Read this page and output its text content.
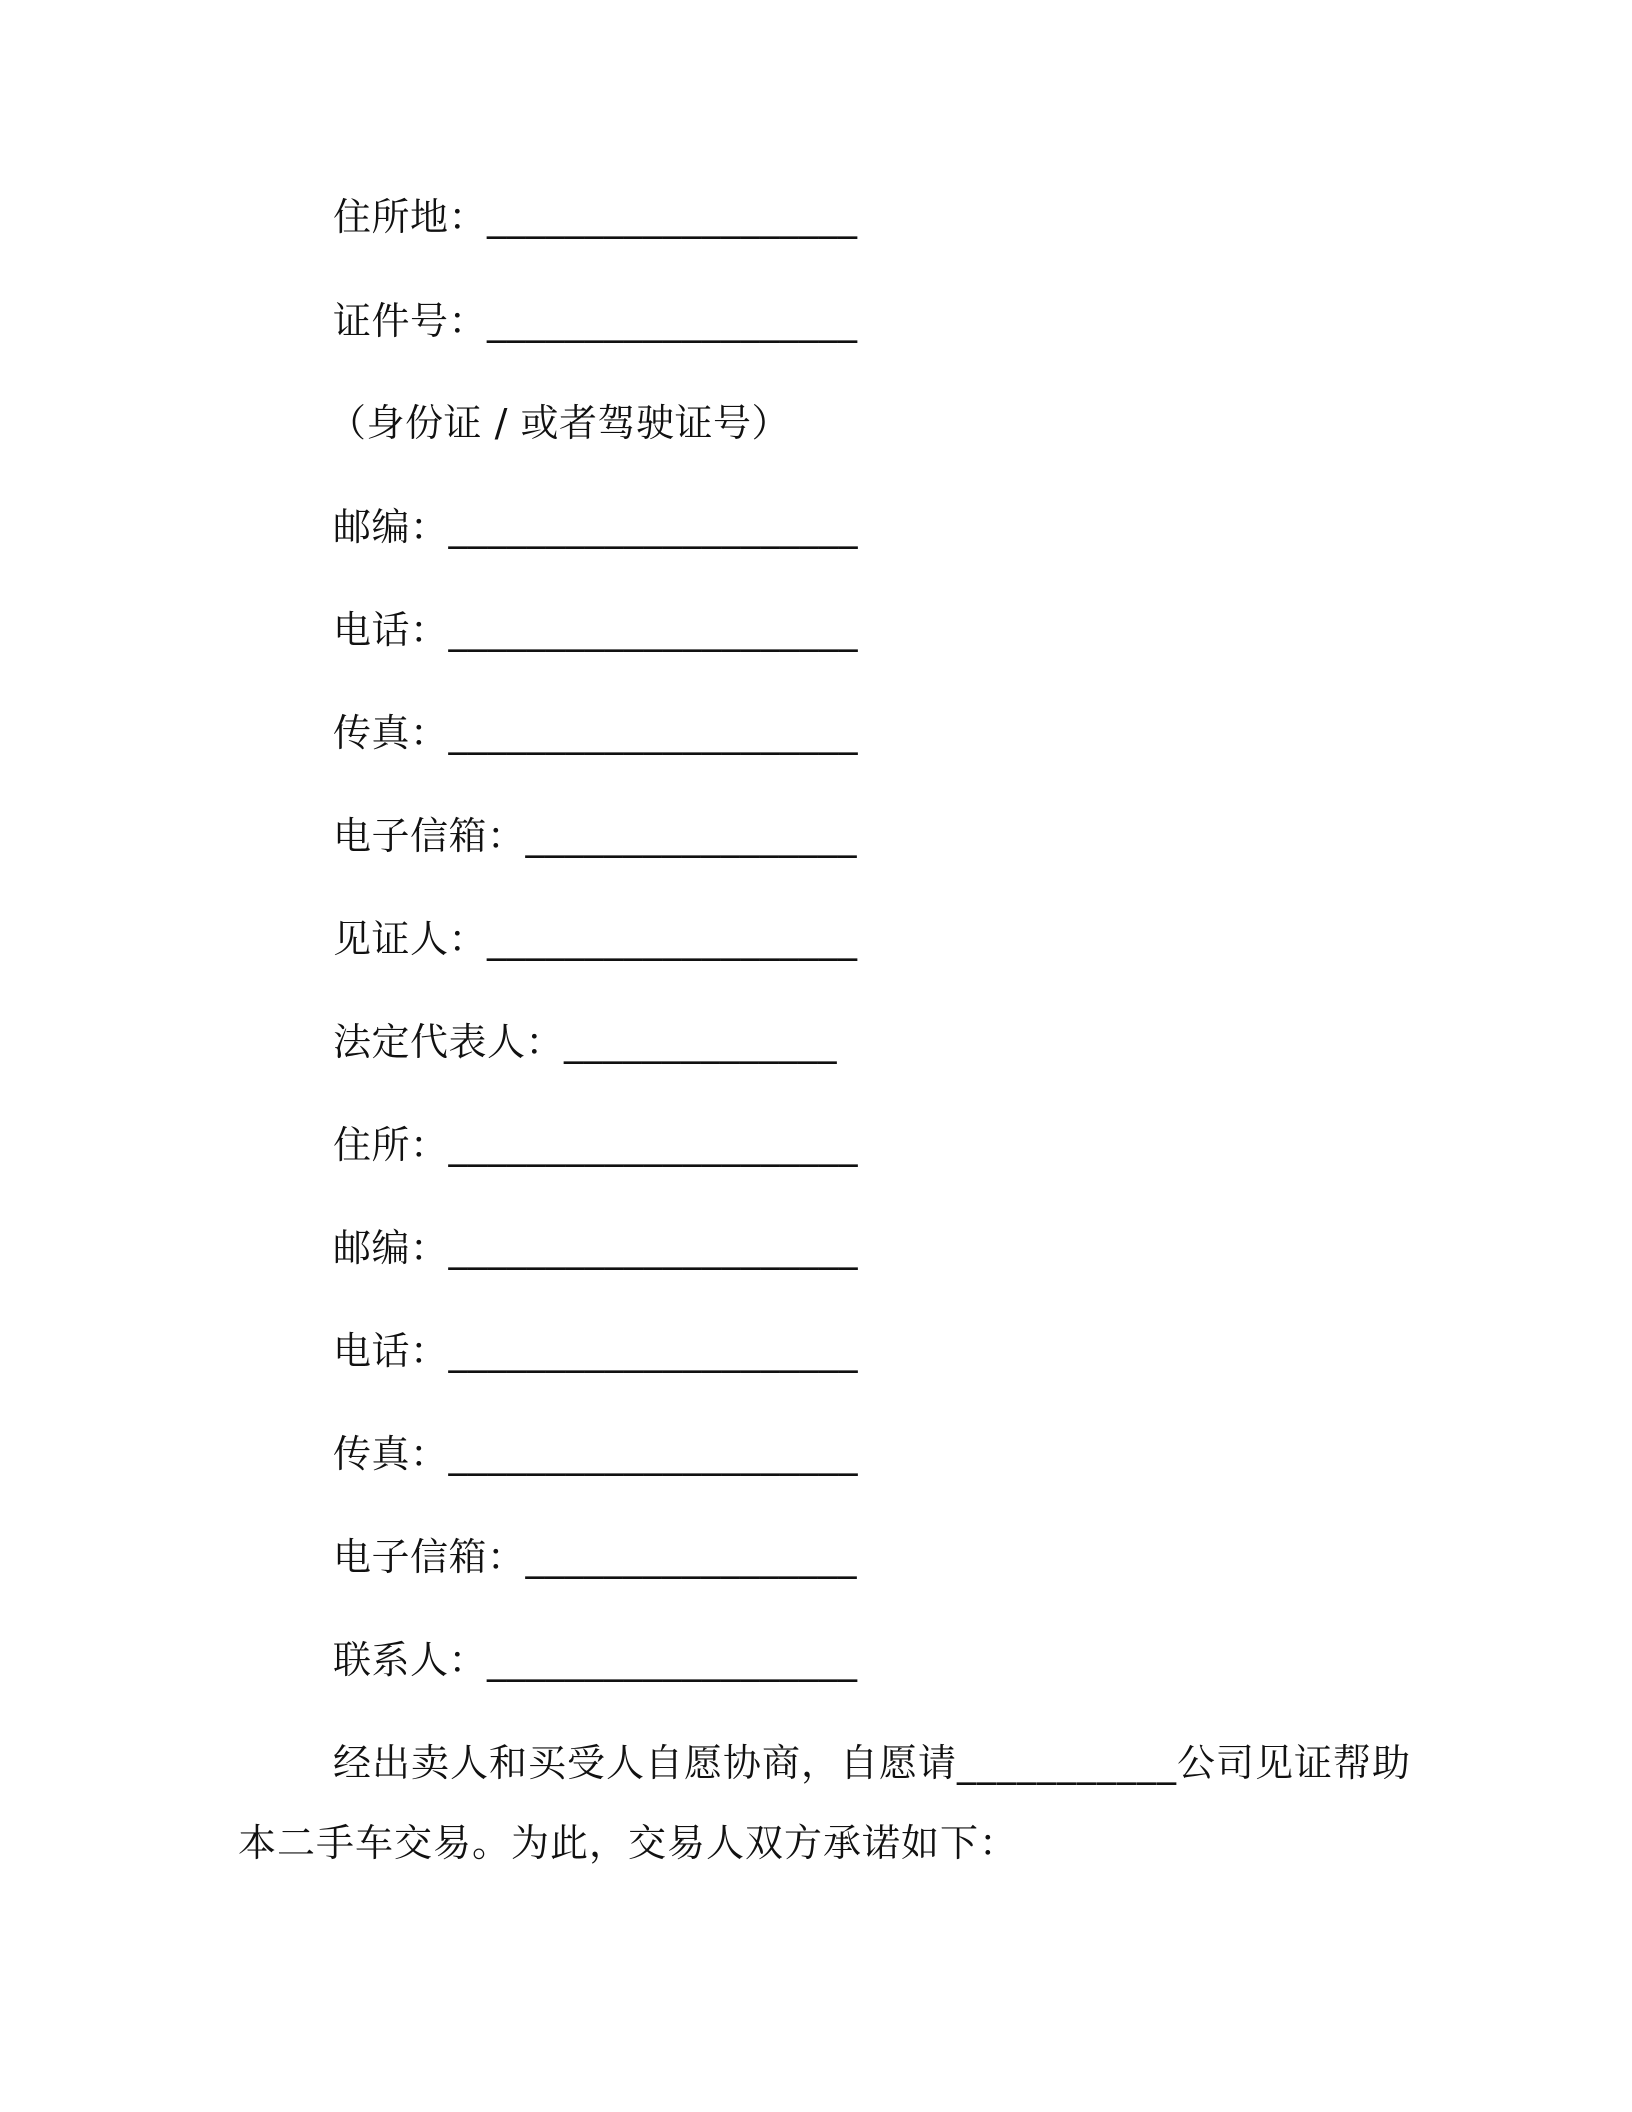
住所地：___________________
证件号：___________________
（身份证 / 或者驾驶证号）
邮编：_____________________
电话：_____________________
传真：_____________________
电子信箱：_________________
见证人：___________________
法定代表人：______________
住所：_____________________
邮编：_____________________
电话：_____________________
传真：_____________________
电子信箱：_________________
联系人：___________________
经出卖人和买受人自愿协商，自愿请___________公司见证帮助
本二手车交易。为此，交易人双方承诺如下：
